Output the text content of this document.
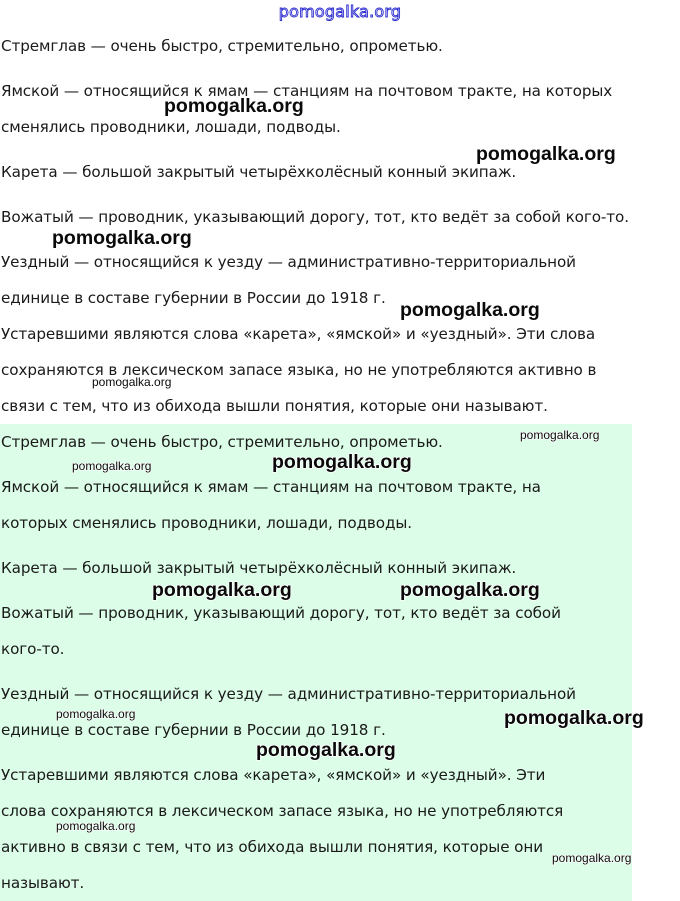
pomogalka.org
Стремглав — очень быстро, стремительно, опрометью.
Ямской — относящийся к ямам — станциям на почтовом тракте, на которых
сменялись проводники, лошади, подводы.
Карета — большой закрытый четырёхколёсный конный экипаж.
Вожатый — проводник, указывающий дорогу, тот, кто ведёт за собой кого-то.
Уездный — относящийся к уезду — административно-территориальной
единице в составе губернии в России до 1918 г.
Устаревшими являются слова «карета», «ямской» и «уездный». Эти слова
сохраняются в лексическом запасе языка, но не употребляются активно в
связи с тем, что из обихода вышли понятия, которые они называют.
Стремглав — очень быстро, стремительно, опрометью.
Ямской — относящийся к ямам — станциям на почтовом тракте, на
которых сменялись проводники, лошади, подводы.
Карета — большой закрытый четырёхколёсный конный экипаж.
Вожатый — проводник, указывающий дорогу, тот, кто ведёт за собой
кого-то.
Уездный — относящийся к уезду — административно-территориальной
единице в составе губернии в России до 1918 г.
Устаревшими являются слова «карета», «ямской» и «уездный». Эти
слова сохраняются в лексическом запасе языка, но не употребляются
активно в связи с тем, что из обихода вышли понятия, которые они
называют.
pomogalka.org
pomogalka.org
pomogalka.org
pomogalka.org
pomogalka.org
pomogalka.org
pomogalka.org	pomogalka.org
pomogalka.org	pomogalka.org
pomogalka.org	pomogalka.org
pomogalka.org
pomogalka.org
pomogalka.org
